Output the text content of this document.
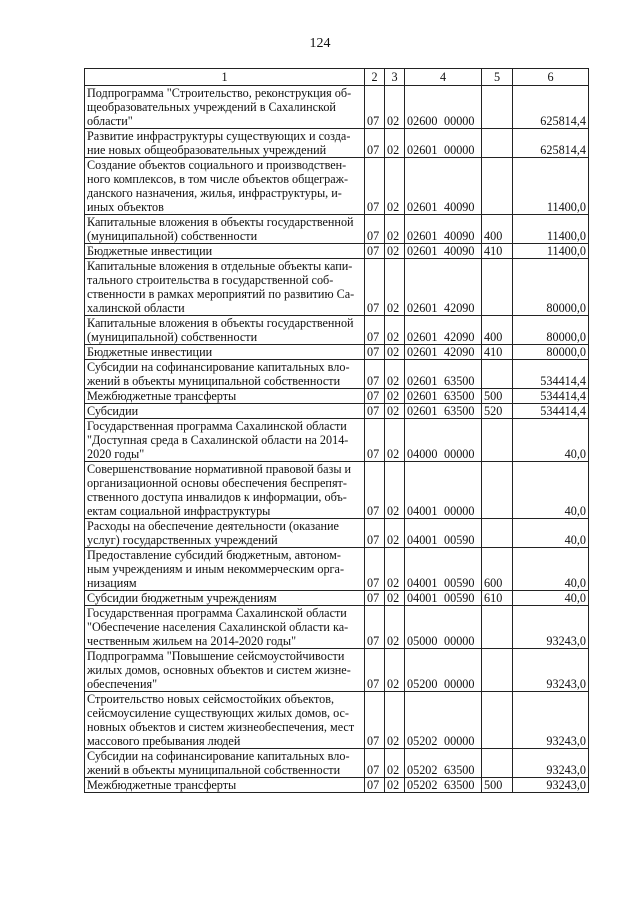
124
1	2	3	4	5	6
Подпрограмма "Строительство, реконструкция об-
щеобразовательных учреждений в Сахалинской
области"	07	02	02600 00000		625814,4
Развитие инфраструктуры существующих и созда-
ние новых общеобразовательных учреждений	07	02	02601 00000		625814,4
Создание объектов социального и производствен-
ного комплексов, в том числе объектов общеграж-
данского назначения, жилья, инфраструктуры, и-
иных объектов	07	02	02601 40090		11400,0
Капитальные вложения в объекты государственной
(муниципальной) собственности	07	02	02601 40090	400	11400,0
Бюджетные инвестиции	07	02	02601 40090	410	11400,0
Капитальные вложения в отдельные объекты капи-
тального строительства в государственной соб-
ственности в рамках мероприятий по развитию Са-
халинской области	07	02	02601 42090		80000,0
Капитальные вложения в объекты государственной
(муниципальной) собственности	07	02	02601 42090	400	80000,0
Бюджетные инвестиции	07	02	02601 42090	410	80000,0
Субсидии на софинансирование капитальных вло-
жений в объекты муниципальной собственности	07	02	02601 63500		534414,4
Межбюджетные трансферты	07	02	02601 63500	500	534414,4
Субсидии	07	02	02601 63500	520	534414,4
Государственная программа Сахалинской области
"Доступная среда в Сахалинской области на 2014-
2020 годы"	07	02	04000 00000		40,0
Совершенствование нормативной правовой базы и
организационной основы обеспечения беспрепят-
ственного доступа инвалидов к информации, объ-
ектам социальной инфраструктуры	07	02	04001 00000		40,0
Расходы на обеспечение деятельности (оказание
услуг) государственных учреждений	07	02	04001 00590		40,0
Предоставление субсидий бюджетным, автоном-
ным учреждениям и иным некоммерческим орга-
низациям	07	02	04001 00590	600	40,0
Субсидии бюджетным учреждениям	07	02	04001 00590	610	40,0
Государственная программа Сахалинской области
"Обеспечение населения Сахалинской области ка-
чественным жильем на 2014-2020 годы"	07	02	05000 00000		93243,0
Подпрограмма "Повышение сейсмоустойчивости
жилых домов, основных объектов и систем жизне-
обеспечения"	07	02	05200 00000		93243,0
Строительство новых сейсмостойких объектов,
сейсмоусиление существующих жилых домов, ос-
новных объектов и систем жизнеобеспечения, мест
массового пребывания людей	07	02	05202 00000		93243,0
Субсидии на софинансирование капитальных вло-
жений в объекты муниципальной собственности	07	02	05202 63500		93243,0
Межбюджетные трансферты	07	02	05202 63500	500	93243,0
